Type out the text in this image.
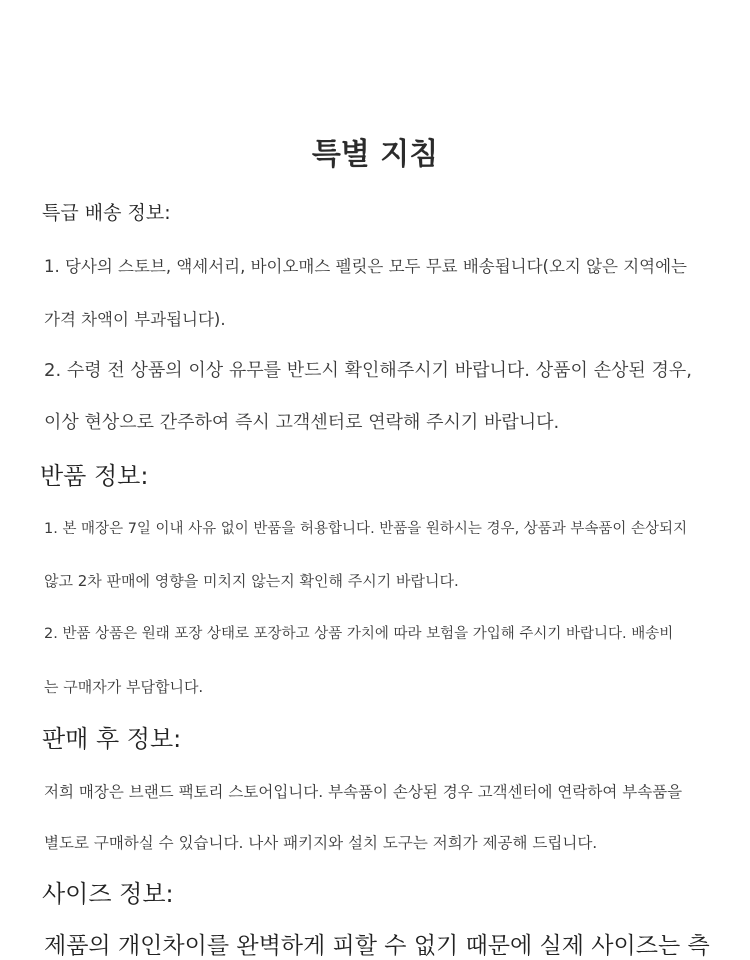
특별 지침
특급 배송 정보:

1. 당사의 스토브, 액세서리, 바이오매스 펠릿은 모두 무료 배송됩니다(오지 않은 지역에는

가격 차액이 부과됩니다).

2. 수령 전 상품의 이상 유무를 반드시 확인해주시기 바랍니다. 상품이 손상된 경우,

이상 현상으로 간주하여 즉시 고객센터로 연락해 주시기 바랍니다.

반품 정보:

1. 본 매장은 7일 이내 사유 없이 반품을 허용합니다. 반품을 원하시는 경우, 상품과 부속품이 손상되지

않고 2차 판매에 영향을 미치지 않는지 확인해 주시기 바랍니다.

2. 반품 상품은 원래 포장 상태로 포장하고 상품 가치에 따라 보험을 가입해 주시기 바랍니다. 배송비

는 구매자가 부담합니다.

판매 후 정보:

저희 매장은 브랜드 팩토리 스토어입니다. 부속품이 손상된 경우 고객센터에 연락하여 부속품을

별도로 구매하실 수 있습니다. 나사 패키지와 설치 도구는 저희가 제공해 드립니다.

사이즈 정보:

제품의 개인차이를 완벽하게 피할 수 없기 때문에 실제 사이즈는 측
